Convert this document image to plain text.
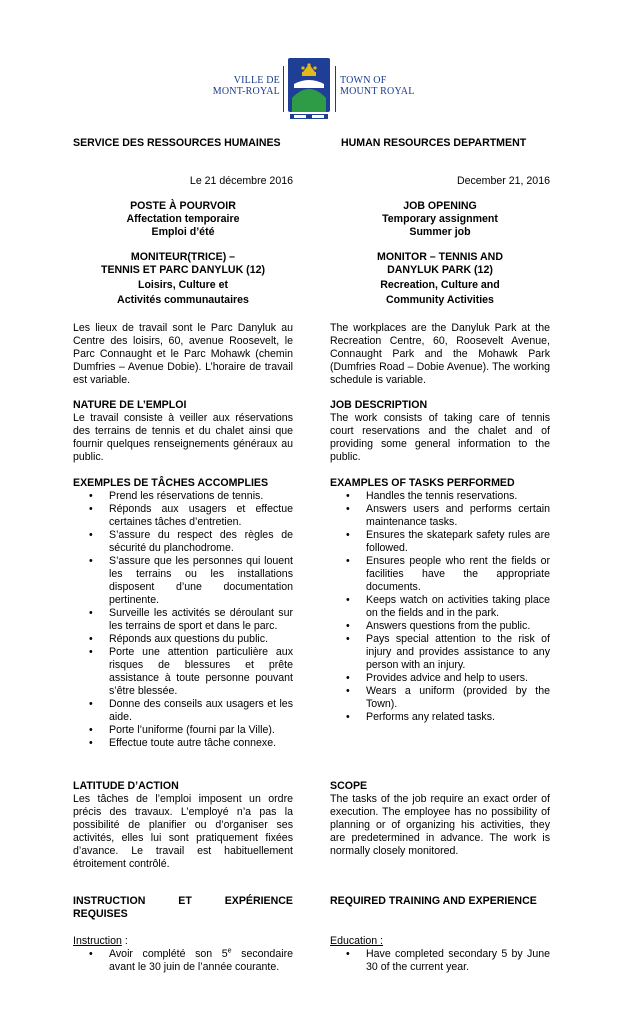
VILLE DE
MONT-ROYAL
TOWN OF
MOUNT ROYAL
SERVICE DES RESSOURCES HUMAINES
Le 21 décembre 2016
POSTE À POURVOIR
Affectation temporaire
Emploi d’été
MONITEUR(TRICE) –
TENNIS ET PARC DANYLUK (12)
Loisirs, Culture et
Activités communautaires
Les lieux de travail sont le Parc Danyluk au Centre des loisirs, 60, avenue Roosevelt, le Parc Connaught et le Parc Mohawk (chemin Dumfries – Avenue Dobie). L’horaire de travail est variable.
NATURE DE L’EMPLOI
Le travail consiste à veiller aux réservations des terrains de tennis et du chalet ainsi que fournir quelques renseignements généraux au public.
EXEMPLES DE TÂCHES ACCOMPLIES
• Prend les réservations de tennis.
• Réponds aux usagers et effectue certaines tâches d’entretien.
• S’assure du respect des règles de sécurité du planchodrome.
• S’assure que les personnes qui louent les terrains ou les installations disposent d’une documentation pertinente.
• Surveille les activités se déroulant sur les terrains de sport et dans le parc.
• Réponds aux questions du public.
• Porte une attention particulière aux risques de blessures et prête assistance à toute personne pouvant s’être blessée.
• Donne des conseils aux usagers et les aide.
• Porte l’uniforme (fourni par la Ville).
• Effectue toute autre tâche connexe.
LATITUDE D’ACTION
Les tâches de l’emploi imposent un ordre précis des travaux. L’employé n’a pas la possibilité de planifier ou d’organiser ses activités, elles lui sont pratiquement fixées d’avance. Le travail est habituellement étroitement contrôlé.
INSTRUCTION	ET	EXPÉRIENCE
REQUISES
Instruction :
• Avoir complété son 5e secondaire avant le 30 juin de l’année courante.
HUMAN RESOURCES DEPARTMENT
December 21, 2016
JOB OPENING
Temporary assignment
Summer job
MONITOR – TENNIS AND
DANYLUK PARK (12)
Recreation, Culture and
Community Activities
The workplaces are the Danyluk Park at the Recreation Centre, 60, Roosevelt Avenue, Connaught Park and the Mohawk Park (Dumfries Road – Dobie Avenue). The working schedule is variable.
JOB DESCRIPTION
The work consists of taking care of tennis court reservations and the chalet and of providing some general information to the public.
EXAMPLES OF TASKS PERFORMED
• Handles the tennis reservations.
• Answers users and performs certain maintenance tasks.
• Ensures the skatepark safety rules are followed.
• Ensures people who rent the fields or facilities have the appropriate documents.
• Keeps watch on activities taking place on the fields and in the park.
• Answers questions from the public.
• Pays special attention to the risk of injury and provides assistance to any person with an injury.
• Provides advice and help to users.
• Wears a uniform (provided by the Town).
• Performs any related tasks.
SCOPE
The tasks of the job require an exact order of execution. The employee has no possibility of planning or of organizing his activities, they are predetermined in advance. The work is normally closely monitored.
REQUIRED TRAINING AND EXPERIENCE
Education :
• Have completed secondary 5 by June 30 of the current year.
